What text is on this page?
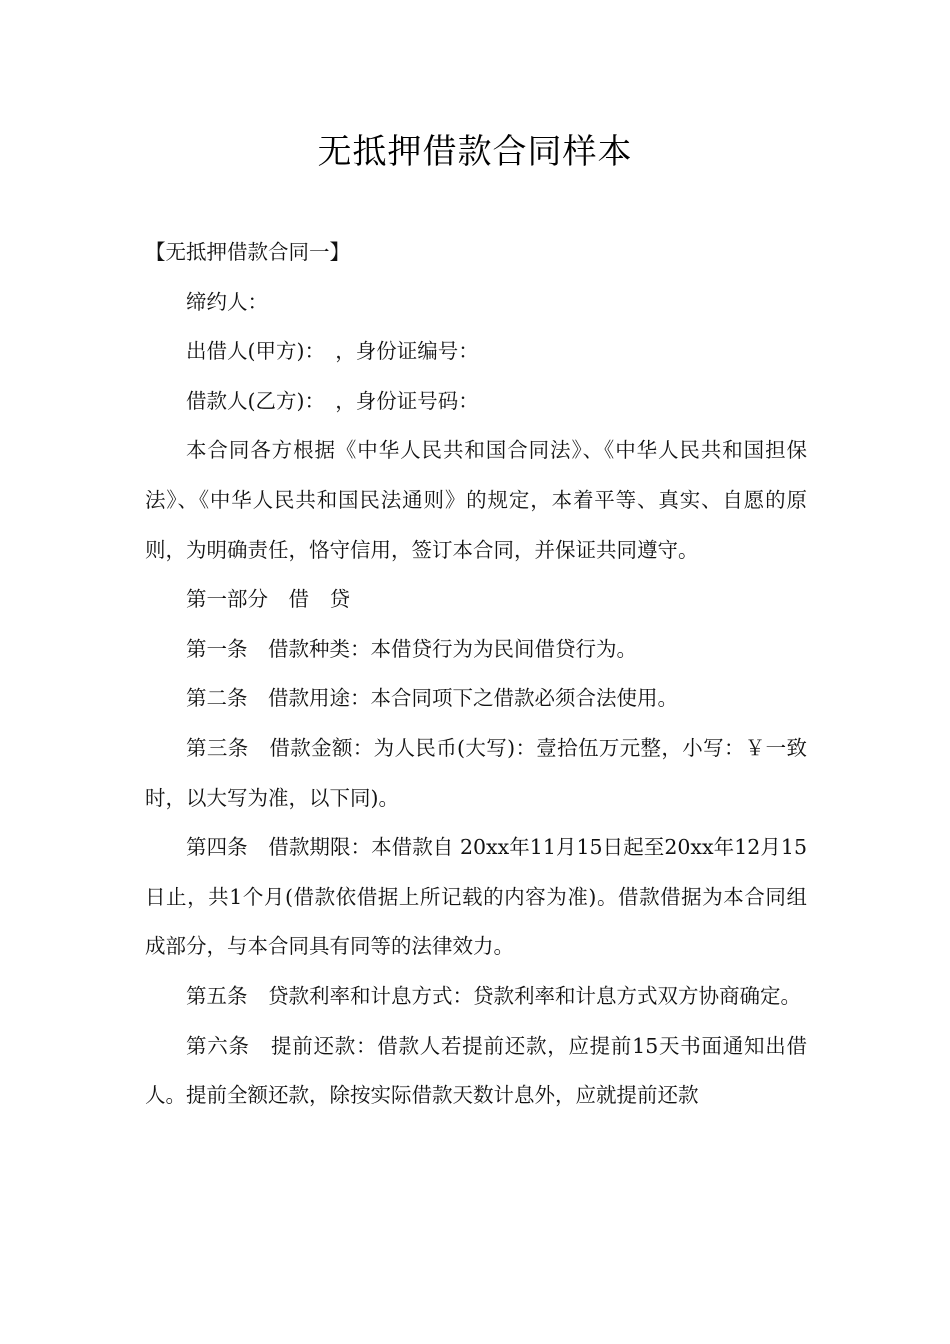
无抵押借款合同样本

【无抵押借款合同一】

缔约人：

出借人(甲方)：　，身份证编号：

借款人(乙方)：　，身份证号码：

本合同各方根据《中华人民共和国合同法》、《中华人民共和国担保法》、《中华人民共和国民法通则》的规定，本着平等、真实、自愿的原则，为明确责任，恪守信用，签订本合同，并保证共同遵守。

第一部分　借　贷

第一条　借款种类：本借贷行为为民间借贷行为。

第二条　借款用途：本合同项下之借款必须合法使用。

第三条　借款金额：为人民币(大写)：壹拾伍万元整，小写：￥一致时，以大写为准，以下同)。

第四条　借款期限：本借款自 20xx年11月15日起至20xx年12月15日止，共1个月(借款依借据上所记载的内容为准)。借款借据为本合同组成部分，与本合同具有同等的法律效力。

第五条　贷款利率和计息方式：贷款利率和计息方式双方协商确定。

第六条　提前还款：借款人若提前还款，应提前15天书面通知出借人。提前全额还款，除按实际借款天数计息外，应就提前还款
